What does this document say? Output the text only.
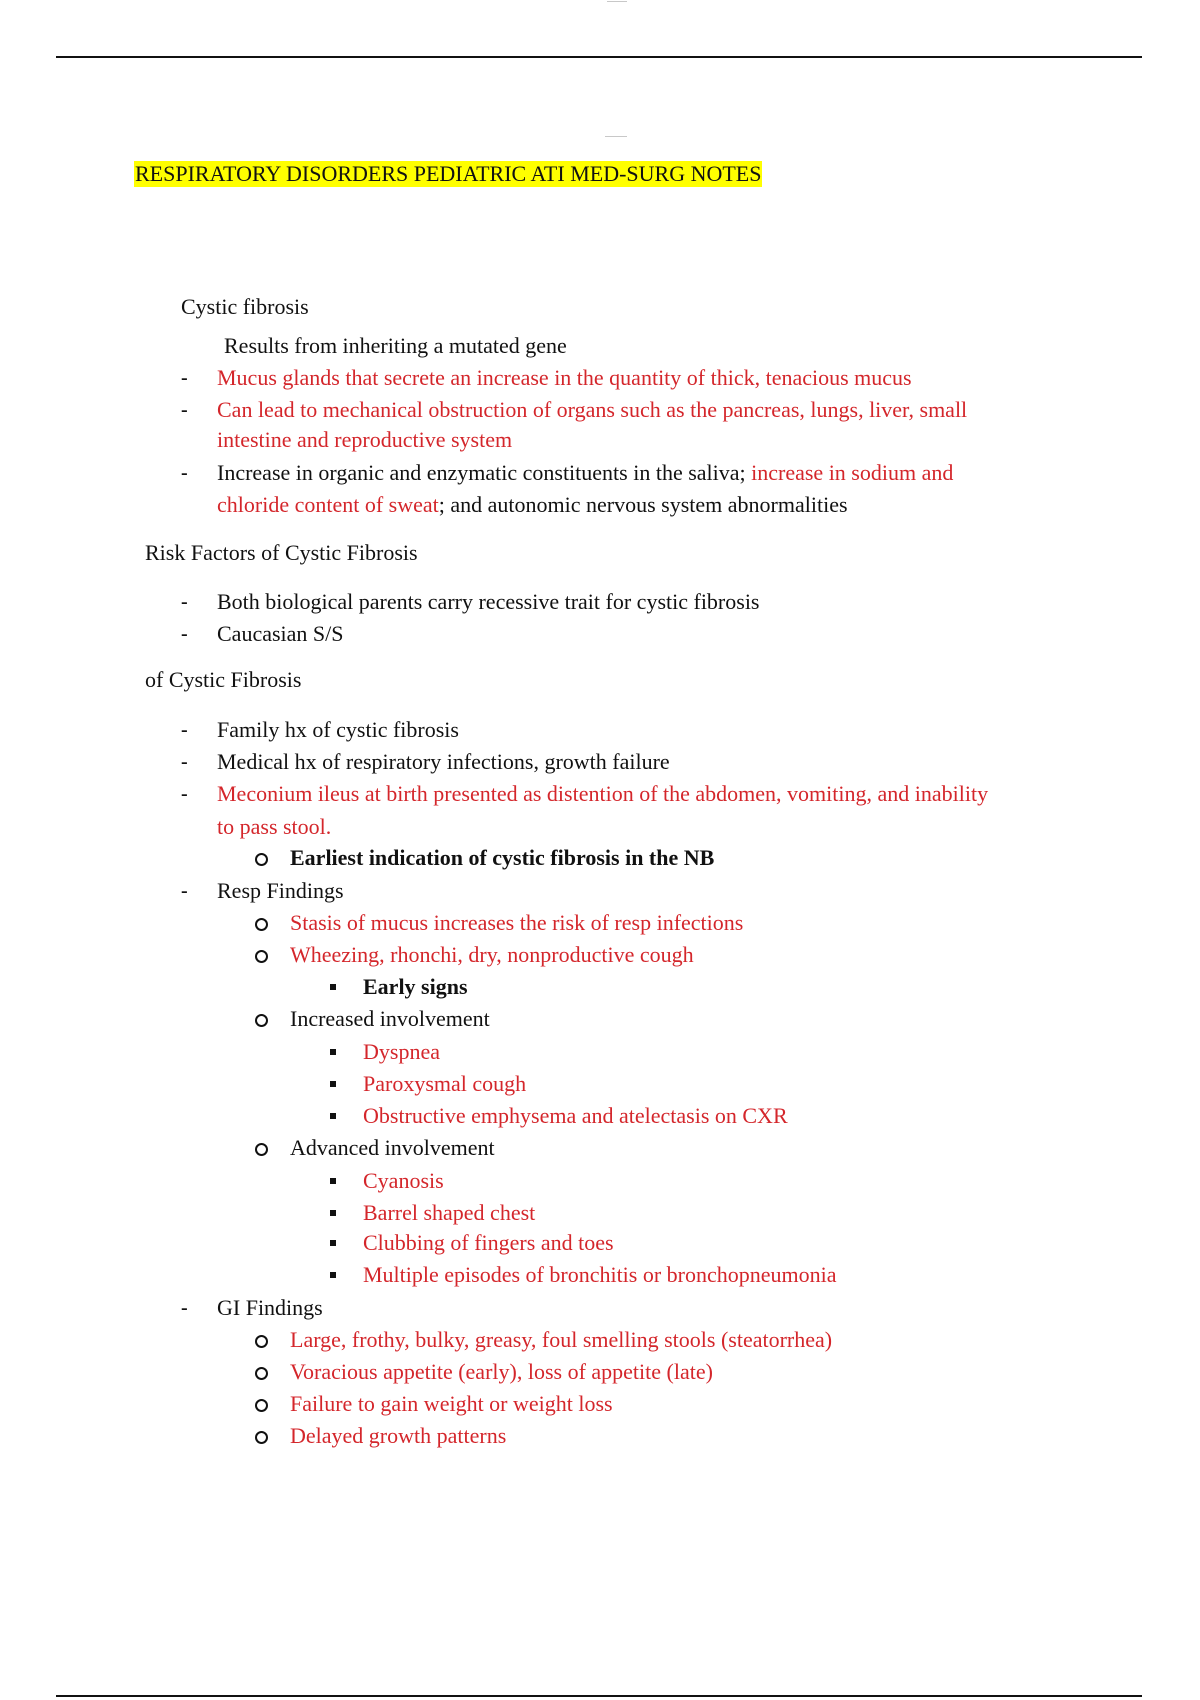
RESPIRATORY DISORDERS PEDIATRIC ATI MED-SURG NOTES
Cystic fibrosis
Results from inheriting a mutated gene
- Mucus glands that secrete an increase in the quantity of thick, tenacious mucus
- Can lead to mechanical obstruction of organs such as the pancreas, lungs, liver, small
intestine and reproductive system
- Increase in organic and enzymatic constituents in the saliva; increase in sodium and
chloride content of sweat; and autonomic nervous system abnormalities
Risk Factors of Cystic Fibrosis
- Both biological parents carry recessive trait for cystic fibrosis
- Caucasian S/S
of Cystic Fibrosis
- Family hx of cystic fibrosis
- Medical hx of respiratory infections, growth failure
- Meconium ileus at birth presented as distention of the abdomen, vomiting, and inability
to pass stool.
Earliest indication of cystic fibrosis in the NB
- Resp Findings
Stasis of mucus increases the risk of resp infections
Wheezing, rhonchi, dry, nonproductive cough
Early signs
Increased involvement
Dyspnea
Paroxysmal cough
Obstructive emphysema and atelectasis on CXR
Advanced involvement
Cyanosis
Barrel shaped chest
Clubbing of fingers and toes
Multiple episodes of bronchitis or bronchopneumonia
- GI Findings
Large, frothy, bulky, greasy, foul smelling stools (steatorrhea)
Voracious appetite (early), loss of appetite (late)
Failure to gain weight or weight loss
Delayed growth patterns
